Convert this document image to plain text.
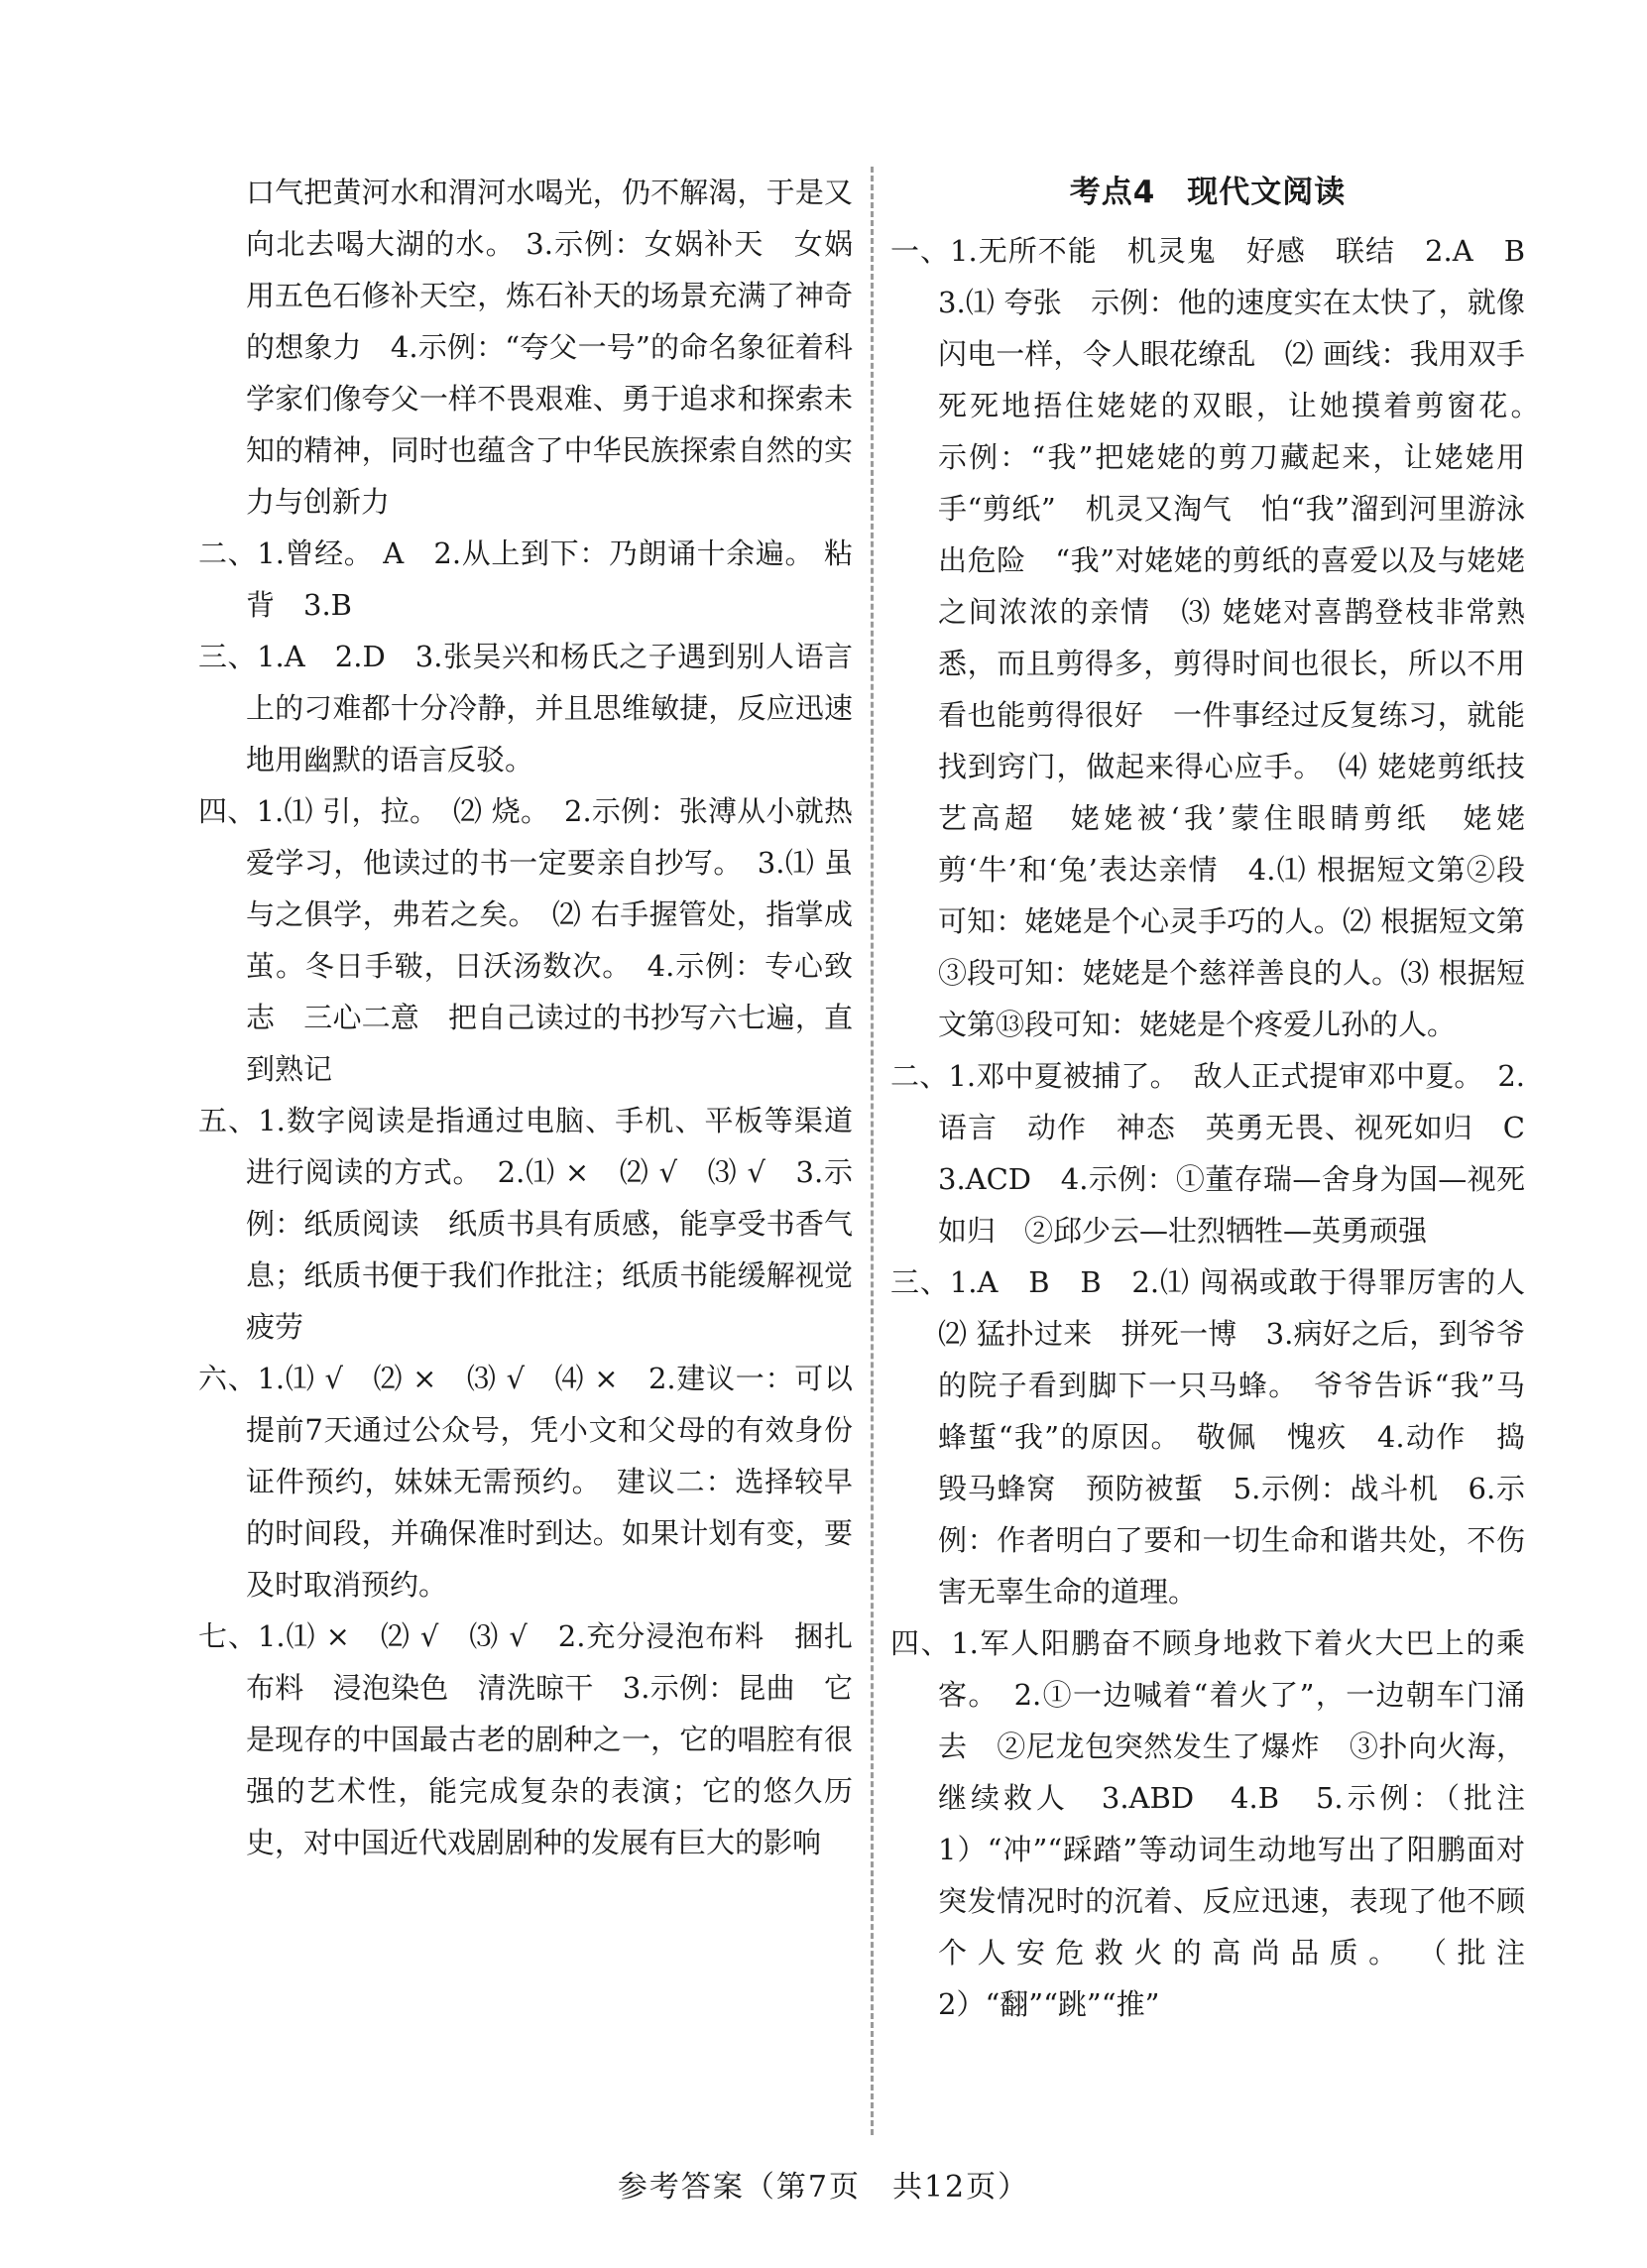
口气把黄河水和渭河水喝光，仍不解渴，于是又向北去喝大湖的水。 3.示例：女娲补天　女娲用五色石修补天空，炼石补天的场景充满了神奇的想象力　4.示例：“夸父一号”的命名象征着科学家们像夸父一样不畏艰难、勇于追求和探索未知的精神，同时也蕴含了中华民族探索自然的实力与创新力

二、1.曾经。 A　2.从上到下：乃朗诵十余遍。 粘　背　3.B

三、1.A　2.D　3.张吴兴和杨氏之子遇到别人语言上的刁难都十分冷静，并且思维敏捷，反应迅速地用幽默的语言反驳。

四、1.⑴ 引，拉。　⑵ 烧。　2.示例：张溥从小就热爱学习，他读过的书一定要亲自抄写。　3.⑴ 虽与之俱学，弗若之矣。　⑵ 右手握管处，指掌成茧。冬日手皲，日沃汤数次。　4.示例：专心致志　三心二意　把自己读过的书抄写六七遍，直到熟记

五、1.数字阅读是指通过电脑、手机、平板等渠道进行阅读的方式。　2.⑴ ×　⑵ √　⑶ √　3.示例：纸质阅读　纸质书具有质感，能享受书香气息；纸质书便于我们作批注；纸质书能缓解视觉疲劳

六、1.⑴ √　⑵ ×　⑶ √　⑷ ×　2.建议一：可以提前7天通过公众号，凭小文和父母的有效身份证件预约，妹妹无需预约。　建议二：选择较早的时间段，并确保准时到达。如果计划有变，要及时取消预约。

七、1.⑴ ×　⑵ √　⑶ √　2.充分浸泡布料　捆扎布料　浸泡染色　清洗晾干　3.示例：昆曲　它是现存的中国最古老的剧种之一，它的唱腔有很强的艺术性，能完成复杂的表演；它的悠久历史，对中国近代戏剧剧种的发展有巨大的影响

考点4　现代文阅读

一、1.无所不能　机灵鬼　好感　联结　2.A　B　3.⑴ 夸张　示例：他的速度实在太快了，就像闪电一样，令人眼花缭乱　⑵ 画线：我用双手死死地捂住姥姥的双眼，让她摸着剪窗花。　示例：“我”把姥姥的剪刀藏起来，让姥姥用手“剪纸”　机灵又淘气　怕“我”溜到河里游泳出危险　“我”对姥姥的剪纸的喜爱以及与姥姥之间浓浓的亲情　⑶ 姥姥对喜鹊登枝非常熟悉，而且剪得多，剪得时间也很长，所以不用看也能剪得很好　一件事经过反复练习，就能找到窍门，做起来得心应手。　⑷ 姥姥剪纸技艺高超　姥姥被‘我’蒙住眼睛剪纸　姥姥剪‘牛’和‘兔’表达亲情　4.⑴ 根据短文第②段可知：姥姥是个心灵手巧的人。⑵ 根据短文第③段可知：姥姥是个慈祥善良的人。⑶ 根据短文第⑬段可知：姥姥是个疼爱儿孙的人。

二、1.邓中夏被捕了。　敌人正式提审邓中夏。　2.语言　动作　神态　英勇无畏、视死如归　C　3.ACD　4.示例：①董存瑞—舍身为国—视死如归　②邱少云—壮烈牺牲—英勇顽强

三、1.A　B　B　2.⑴ 闯祸或敢于得罪厉害的人　⑵ 猛扑过来　拼死一博　3.病好之后，到爷爷的院子看到脚下一只马蜂。　爷爷告诉“我”马蜂蜇“我”的原因。　敬佩　愧疚　4.动作　捣毁马蜂窝　预防被蜇　5.示例：战斗机　6.示例：作者明白了要和一切生命和谐共处，不伤害无辜生命的道理。

四、1.军人阳鹏奋不顾身地救下着火大巴上的乘客。　2.①一边喊着“着火了”，一边朝车门涌去　②尼龙包突然发生了爆炸　③扑向火海，继续救人　3.ABD　4.B　5.示例：（批注1）“冲”“踩踏”等动词生动地写出了阳鹏面对突发情况时的沉着、反应迅速，表现了他不顾个人安危救火的高尚品质。　（批注2）“翻”“跳”“推”

参考答案（第7页　共12页）
